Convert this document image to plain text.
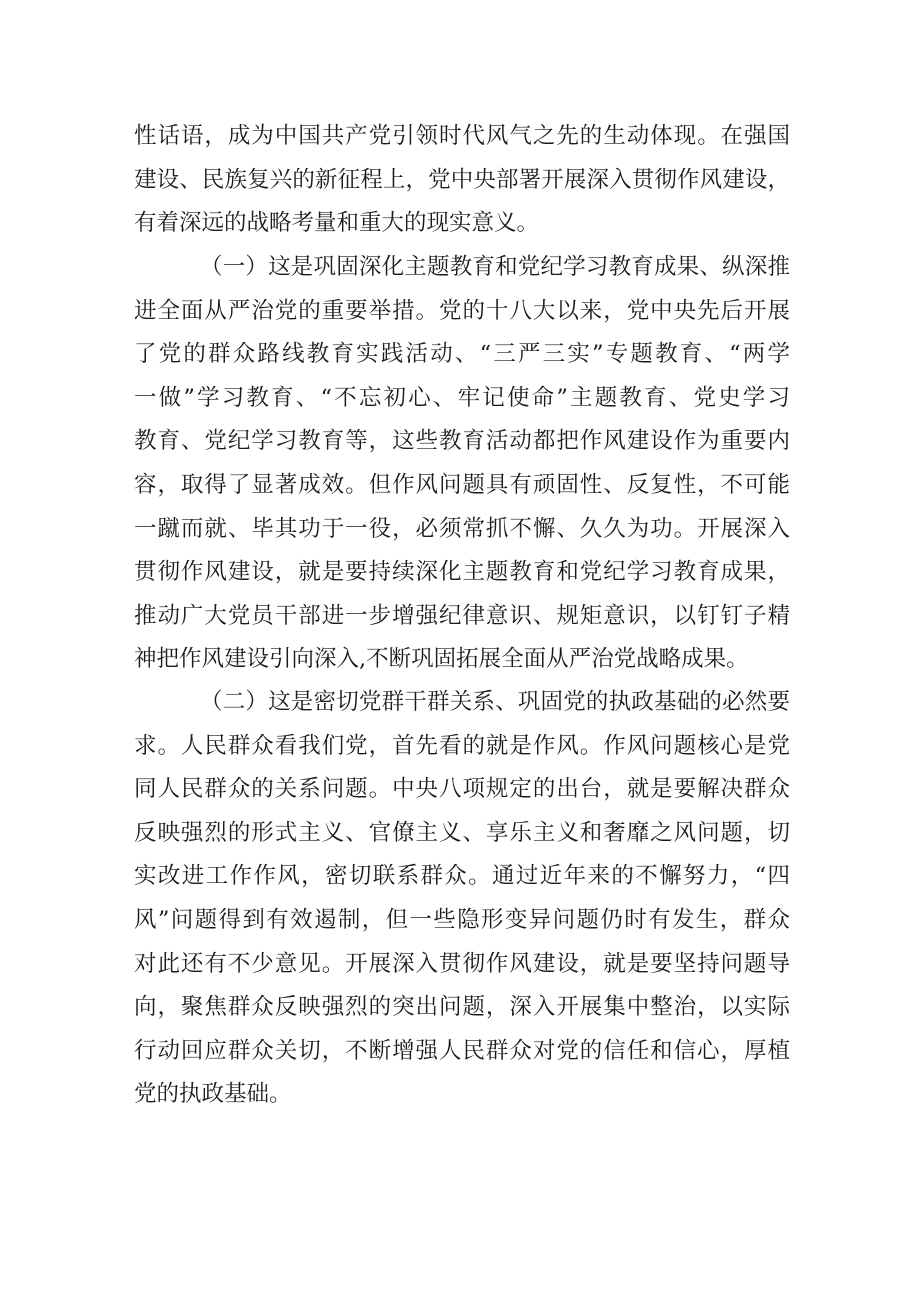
性话语，成为中国共产党引领时代风气之先的生动体现。在强国
建设、民族复兴的新征程上，党中央部署开展深入贯彻作风建设，
有着深远的战略考量和重大的现实意义。
（一）这是巩固深化主题教育和党纪学习教育成果、纵深推
进全面从严治党的重要举措。党的十八大以来，党中央先后开展
了党的群众路线教育实践活动、“三严三实”专题教育、“两学
一做”学习教育、“不忘初心、牢记使命”主题教育、党史学习
教育、党纪学习教育等，这些教育活动都把作风建设作为重要内
容，取得了显著成效。但作风问题具有顽固性、反复性，不可能
一蹴而就、毕其功于一役，必须常抓不懈、久久为功。开展深入
贯彻作风建设，就是要持续深化主题教育和党纪学习教育成果，
推动广大党员干部进一步增强纪律意识、规矩意识，以钉钉子精
神把作风建设引向深入,不断巩固拓展全面从严治党战略成果。
（二）这是密切党群干群关系、巩固党的执政基础的必然要
求。人民群众看我们党，首先看的就是作风。作风问题核心是党
同人民群众的关系问题。中央八项规定的出台，就是要解决群众
反映强烈的形式主义、官僚主义、享乐主义和奢靡之风问题，切
实改进工作作风，密切联系群众。通过近年来的不懈努力，“四
风”问题得到有效遏制，但一些隐形变异问题仍时有发生，群众
对此还有不少意见。开展深入贯彻作风建设，就是要坚持问题导
向，聚焦群众反映强烈的突出问题，深入开展集中整治，以实际
行动回应群众关切，不断增强人民群众对党的信任和信心，厚植
党的执政基础。
